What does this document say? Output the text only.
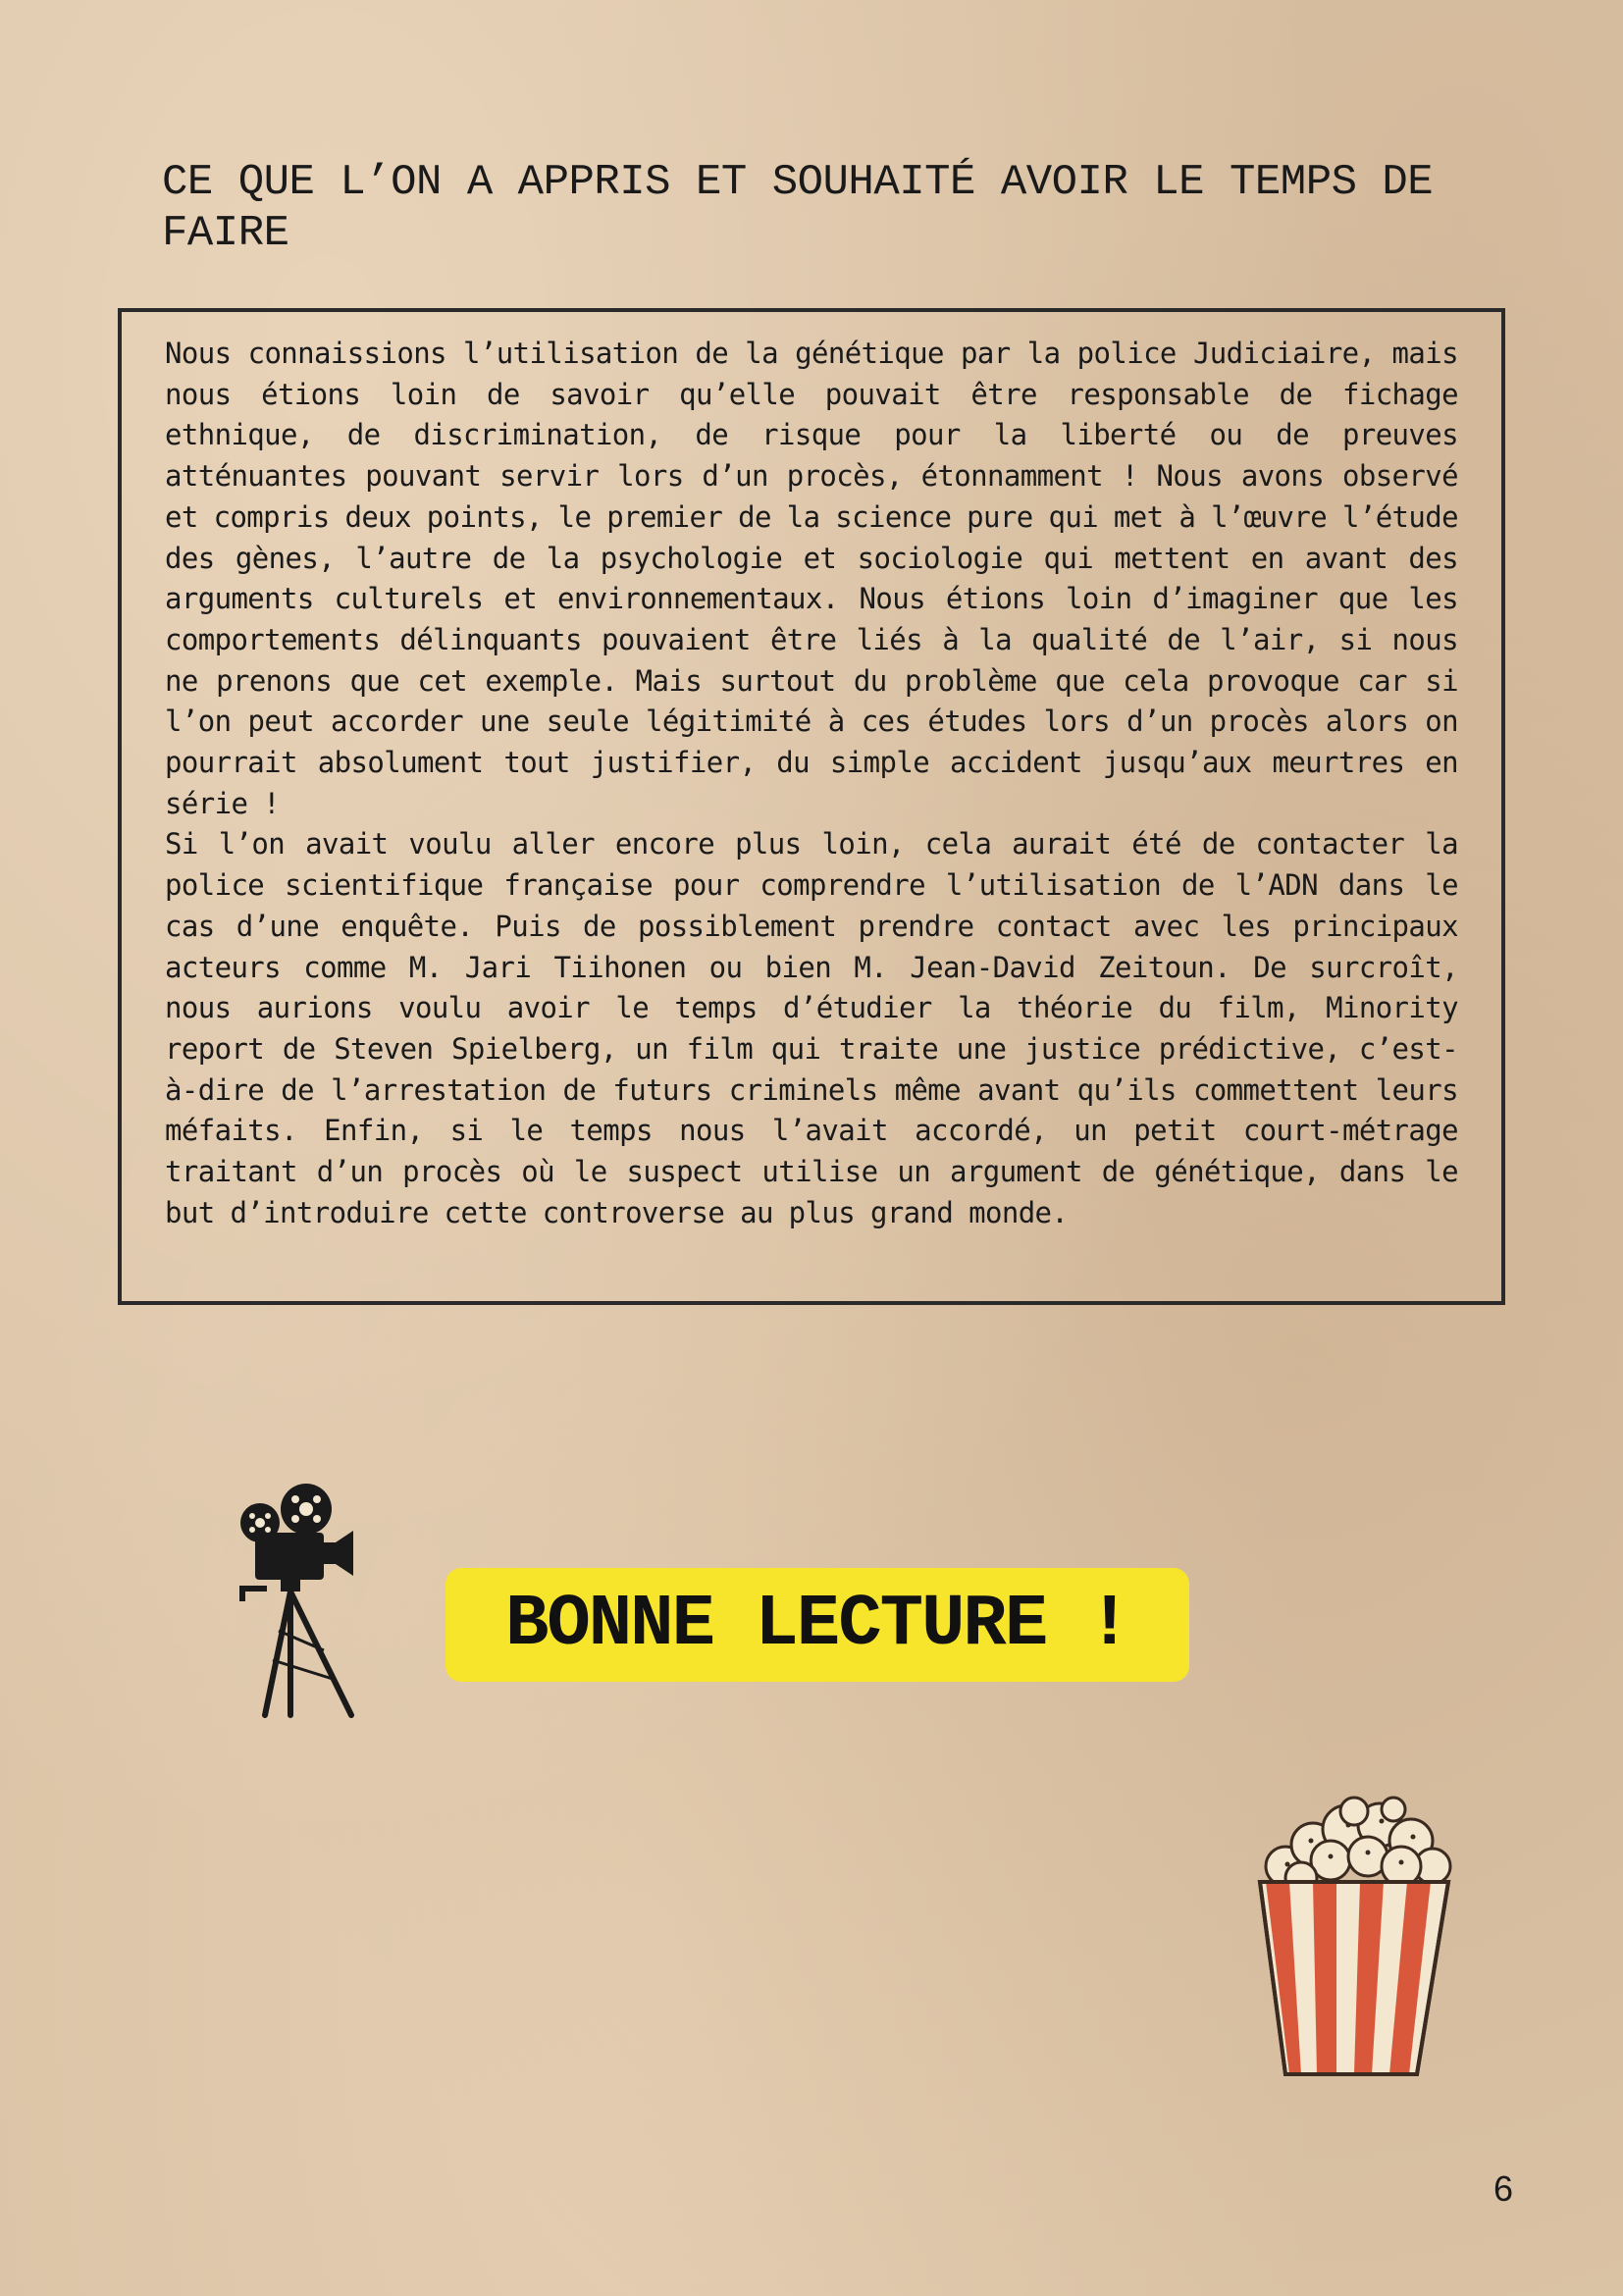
CE QUE L’ON A APPRIS ET SOUHAITÉ AVOIR LE TEMPS DE FAIRE

Nous connaissions l’utilisation de la génétique par la police Judiciaire, mais nous étions loin de savoir qu’elle pouvait être responsable de fichage ethnique, de discrimination, de risque pour la liberté ou de preuves atténuantes pouvant servir lors d’un procès, étonnamment ! Nous avons observé et compris deux points, le premier de la science pure qui met à l’œuvre l’étude des gènes, l’autre de la psychologie et sociologie qui mettent en avant des arguments culturels et environnementaux. Nous étions loin d’imaginer que les comportements délinquants pouvaient être liés à la qualité de l’air, si nous ne prenons que cet exemple. Mais surtout du problème que cela provoque car si l’on peut accorder une seule légitimité à ces études lors d’un procès alors on pourrait absolument tout justifier, du simple accident jusqu’aux meurtres en série !

Si l’on avait voulu aller encore plus loin, cela aurait été de contacter la police scientifique française pour comprendre l’utilisation de l’ADN dans le cas d’une enquête. Puis de possiblement prendre contact avec les principaux acteurs comme M. Jari Tiihonen ou bien M. Jean-David Zeitoun. De surcroît, nous aurions voulu avoir le temps d’étudier la théorie du film, Minority report de Steven Spielberg, un film qui traite une justice prédictive, c’est-à-dire de l’arrestation de futurs criminels même avant qu’ils commettent leurs méfaits. Enfin, si le temps nous l’avait accordé, un petit court-métrage traitant d’un procès où le suspect utilise un argument de génétique, dans le but d’introduire cette controverse au plus grand monde.

BONNE LECTURE !
6
